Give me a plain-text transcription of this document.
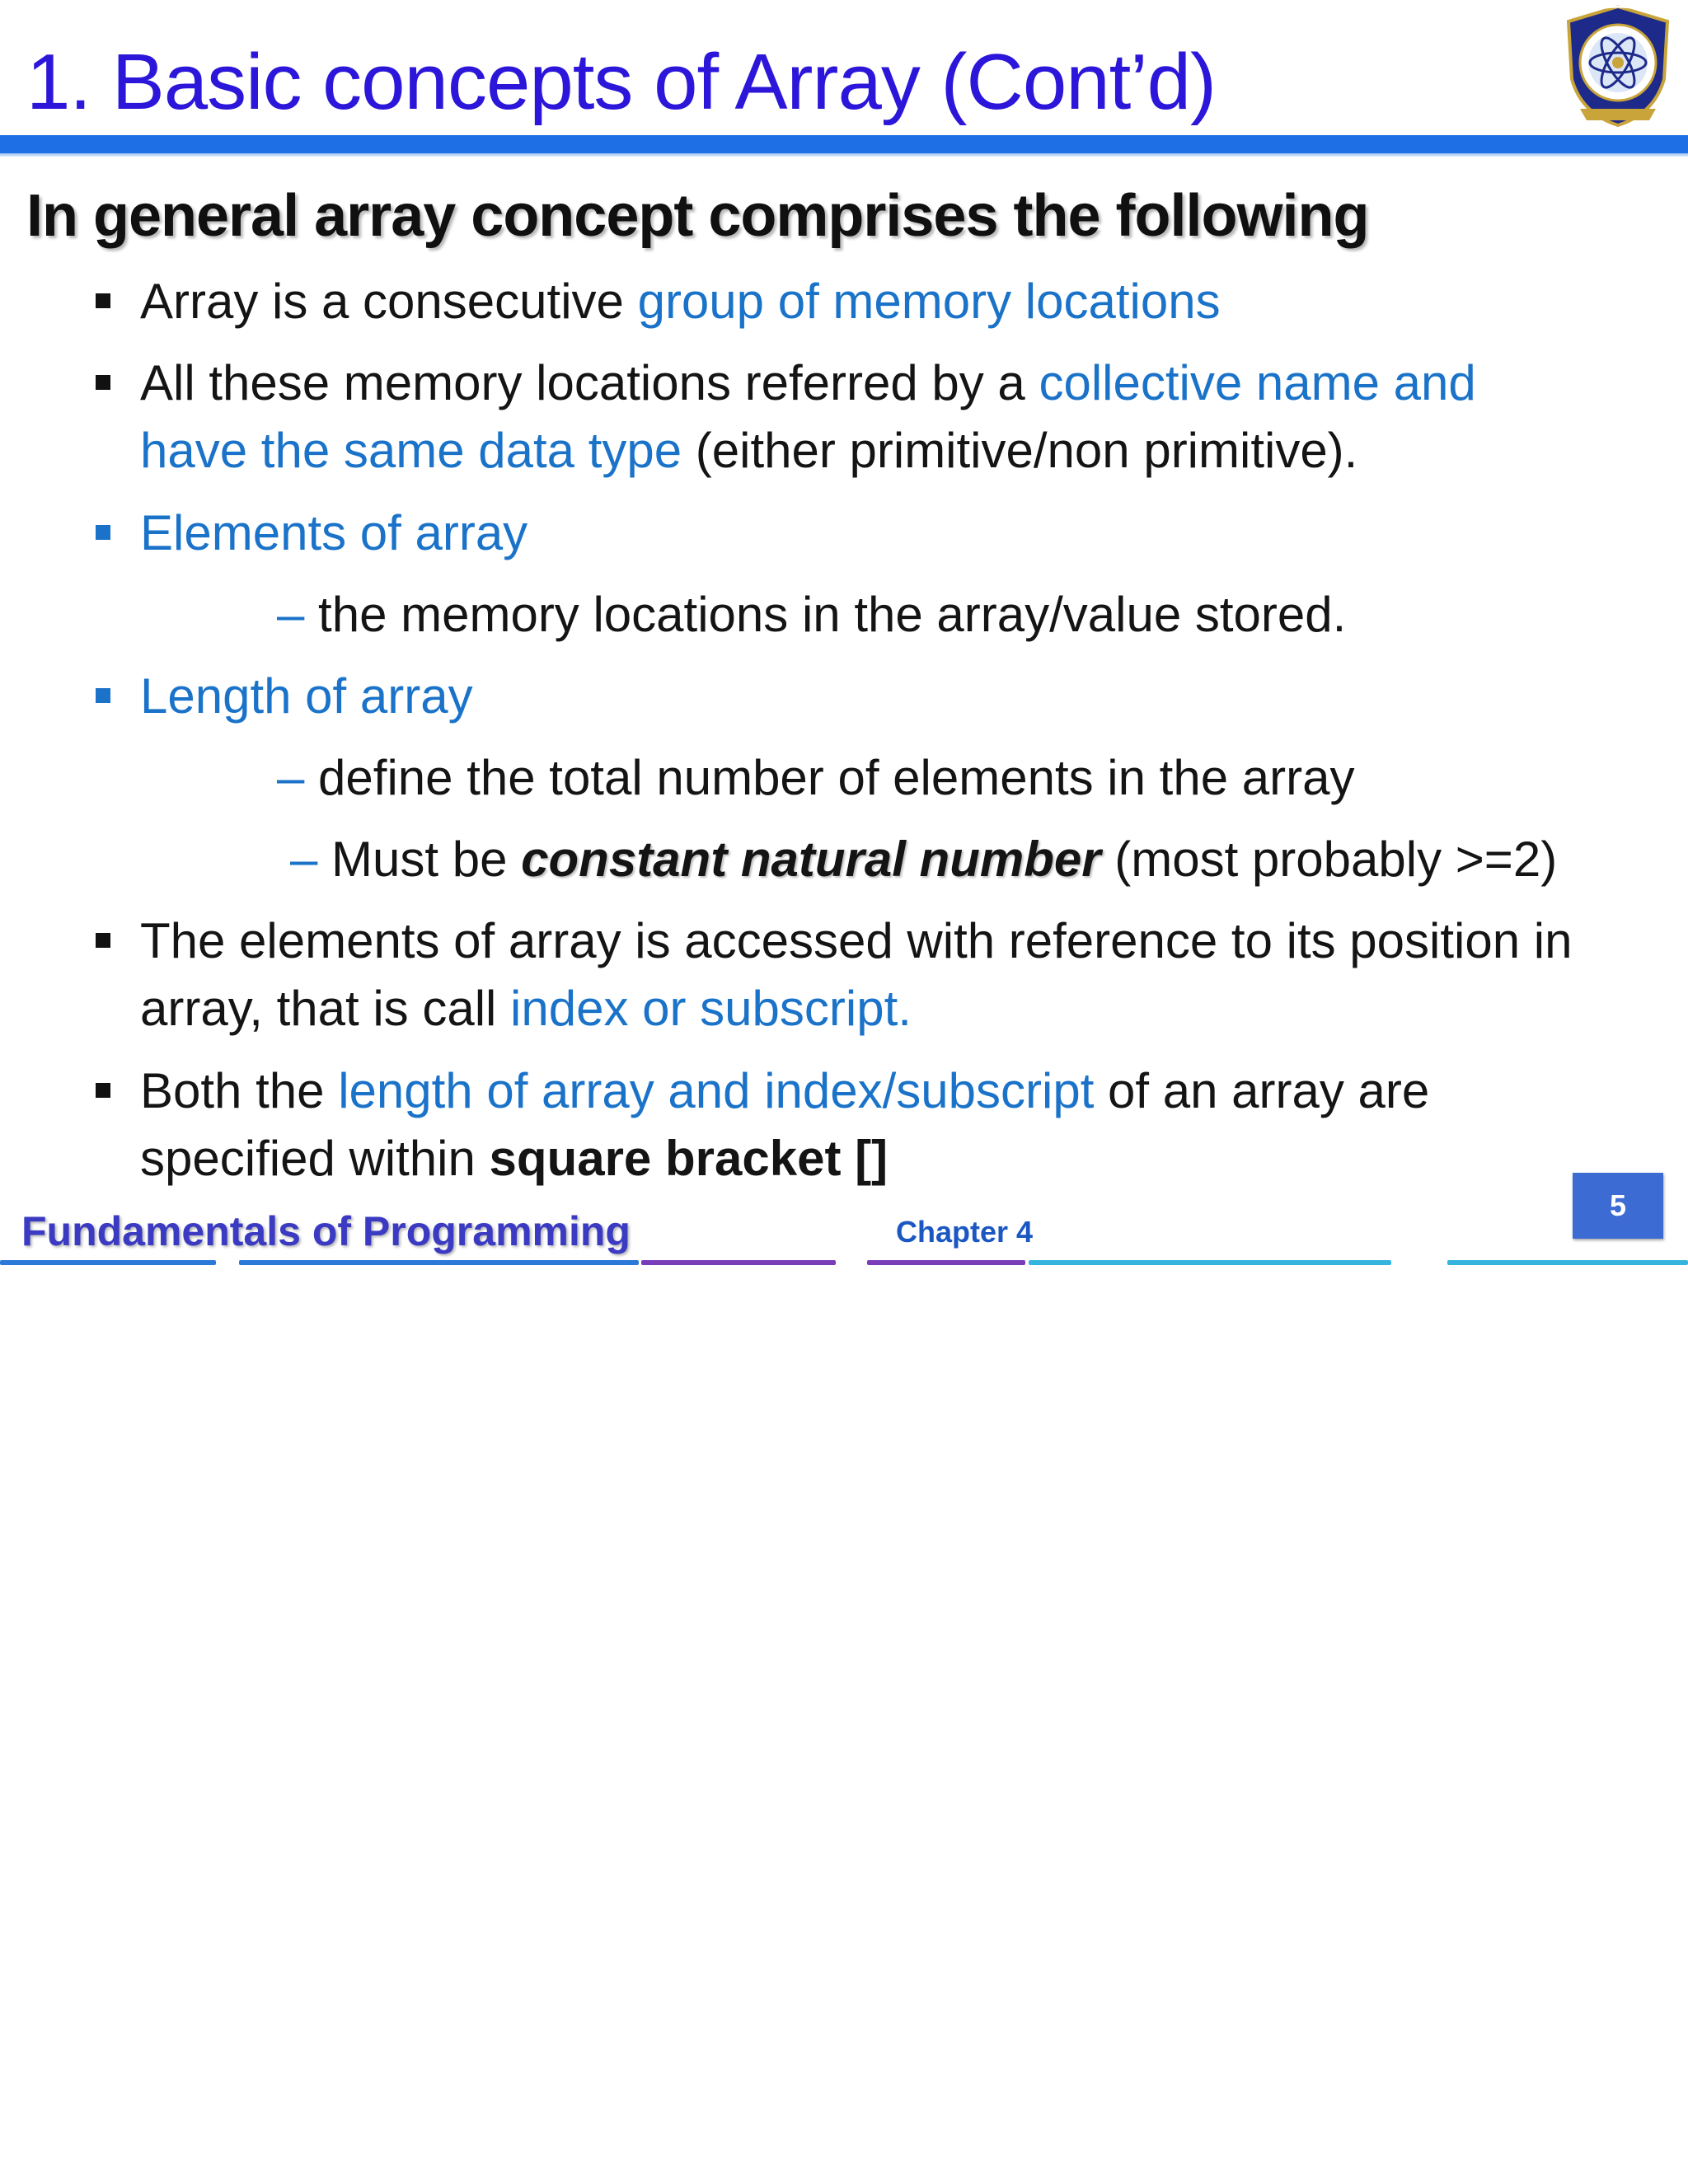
1. Basic concepts of Array (Cont’d)
In general array concept comprises the following
Array is a consecutive group of memory locations
All these memory locations referred by a collective name and
have the same data type (either primitive/non primitive).
Elements of array
– the memory locations in the array/value stored.
Length of array
– define the total number of elements in the array
– Must be constant natural number (most probably >=2)
The elements of array is accessed with reference to its position in
array, that is call index or subscript.
Both the length of array and index/subscript of an array are
specified within square bracket []
Fundamentals of Programming	Chapter 4
5
